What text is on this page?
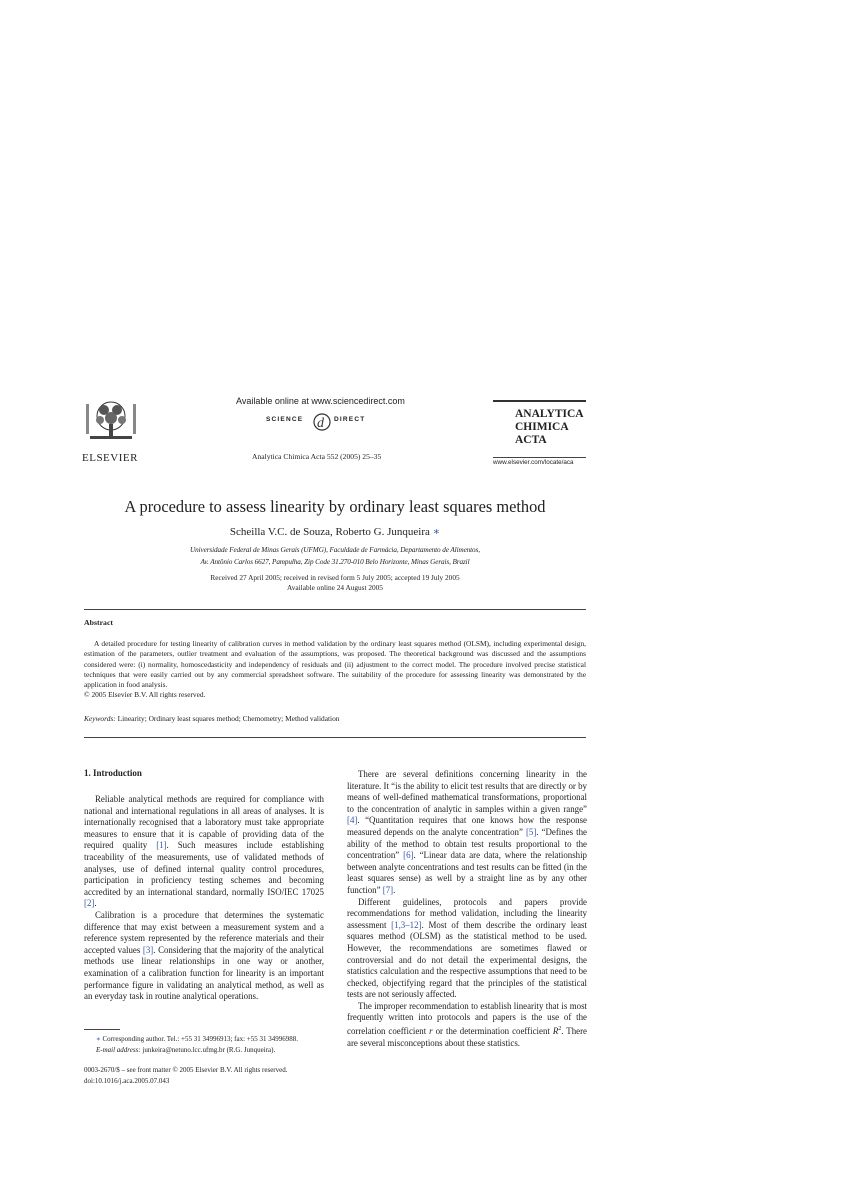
ELSEVIER
Available online at www.sciencedirect.com
SCIENCE d DIRECT
Analytica Chimica Acta 552 (2005) 25–35
ANALYTICA
CHIMICA
ACTA
www.elsevier.com/locate/aca
A procedure to assess linearity by ordinary least squares method
Scheilla V.C. de Souza, Roberto G. Junqueira ∗
Universidade Federal de Minas Gerais (UFMG), Faculdade de Farmácia, Departamento de Alimentos,
Av. Antônio Carlos 6627, Pampulha, Zip Code 31.270-010 Belo Horizonte, Minas Gerais, Brazil
Received 27 April 2005; received in revised form 5 July 2005; accepted 19 July 2005
Available online 24 August 2005
Abstract
A detailed procedure for testing linearity of calibration curves in method validation by the ordinary least squares method (OLSM), including experimental design, estimation of the parameters, outlier treatment and evaluation of the assumptions, was proposed. The theoretical background was discussed and the assumptions considered were: (i) normality, homoscedasticity and independency of residuals and (ii) adjustment to the correct model. The procedure involved precise statistical techniques that were easily carried out by any commercial spreadsheet software. The suitability of the procedure for assessing linearity was demonstrated by the application in food analysis.
© 2005 Elsevier B.V. All rights reserved.
Keywords: Linearity; Ordinary least squares method; Chemometry; Method validation
1. Introduction

Reliable analytical methods are required for compliance with national and international regulations in all areas of analyses. It is internationally recognised that a laboratory must take appropriate measures to ensure that it is capable of providing data of the required quality [1]. Such measures include establishing traceability of the measurements, use of validated methods of analyses, use of defined internal quality control procedures, participation in proficiency testing schemes and becoming accredited by an international standard, normally ISO/IEC 17025 [2].

Calibration is a procedure that determines the systematic difference that may exist between a measurement system and a reference system represented by the reference materials and their accepted values [3]. Considering that the majority of the analytical methods use linear relationships in one way or another, examination of a calibration function for linearity is an important performance figure in validating an analytical method, as well as an everyday task in routine analytical operations.

∗ Corresponding author. Tel.: +55 31 34996913; fax: +55 31 34996988.
E-mail address: junkeira@netuno.lcc.ufmg.br (R.G. Junqueira).
0003-2670/$ – see front matter © 2005 Elsevier B.V. All rights reserved.
doi:10.1016/j.aca.2005.07.043

There are several definitions concerning linearity in the literature. It “is the ability to elicit test results that are directly or by means of well-defined mathematical transformations, proportional to the concentration of analytic in samples within a given range” [4]. “Quantitation requires that one knows how the response measured depends on the analyte concentration” [5]. “Defines the ability of the method to obtain test results proportional to the concentration” [6]. “Linear data are data, where the relationship between analyte concentrations and test results can be fitted (in the least squares sense) as well by a straight line as by any other function” [7].

Different guidelines, protocols and papers provide recommendations for method validation, including the linearity assessment [1,3–12]. Most of them describe the ordinary least squares method (OLSM) as the statistical method to be used. However, the recommendations are sometimes flawed or controversial and do not detail the experimental designs, the statistics calculation and the respective assumptions that need to be checked, objectifying regard that the principles of the statistical tests are not seriously affected.

The improper recommendation to establish linearity that is most frequently written into protocols and papers is the use of the correlation coefficient r or the determination coefficient $R^2$. There are several misconceptions about these statistics.
